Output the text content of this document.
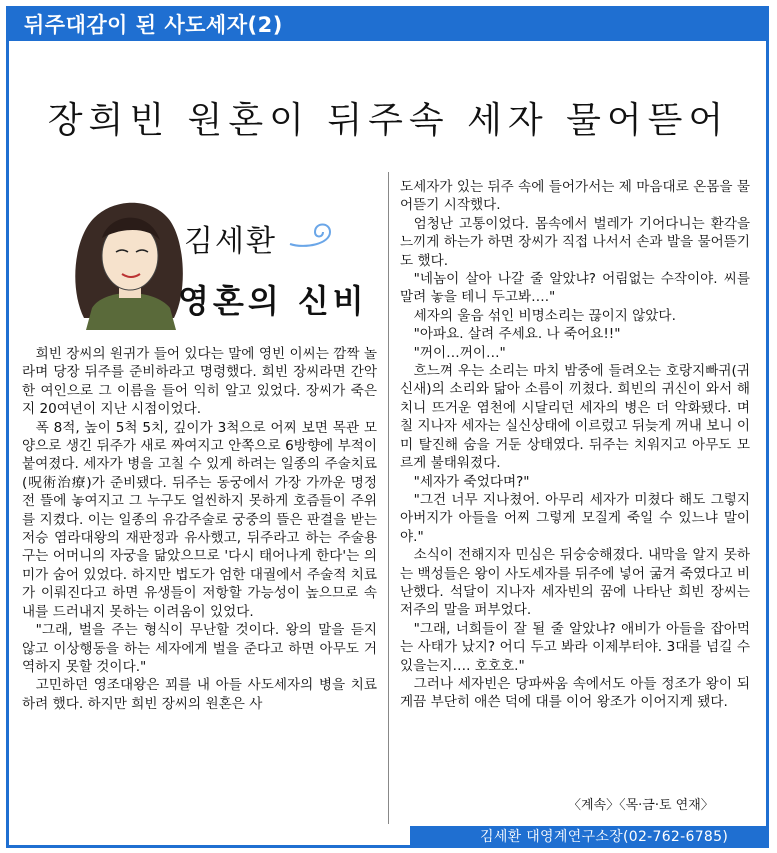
뒤주대감이 된 사도세자(2)
장희빈 원혼이 뒤주속 세자 물어뜯어
김세환
영혼의 신비

희빈 장씨의 원귀가 들어 있다는 말에 영빈 이씨는 깜짝 놀라며 당장 뒤주를 준비하라고 명령했다. 희빈 장씨라면 간악한 여인으로 그 이름을 들어 익히 알고 있었다. 장씨가 죽은 지 20여년이 지난 시점이었다.

폭 8적, 높이 5척 5치, 깊이가 3척으로 어찌 보면 목관 모양으로 생긴 뒤주가 새로 짜여지고 안쪽으로 6방향에 부적이 붙여졌다. 세자가 병을 고칠 수 있게 하려는 일종의 주술치료(呪術治療)가 준비됐다. 뒤주는 동궁에서 가장 가까운 명정전 뜰에 놓여지고 그 누구도 얼씬하지 못하게 호즘들이 주위를 지켰다. 이는 일종의 유감주술로 궁중의 뜰은 판결을 받는 저승 염라대왕의 재판정과 유사했고, 뒤주라고 하는 주술용구는 어머니의 자궁을 닮았으므로 '다시 태어나게 한다'는 의미가 숨어 있었다. 하지만 법도가 엄한 대궐에서 주술적 치료가 이뤄진다고 하면 유생들이 저항할 가능성이 높으므로 속내를 드러내지 못하는 이려움이 있었다.

"그래, 벌을 주는 형식이 무난할 것이다. 왕의 말을 듣지 않고 이상행동을 하는 세자에게 벌을 준다고 하면 아무도 거역하지 못할 것이다."

고민하던 영조대왕은 꾀를 내 아들 사도세자의 병을 치료하려 했다. 하지만 희빈 장씨의 원혼은 사

도세자가 있는 뒤주 속에 들어가서는 제 마음대로 온몸을 물어뜯기 시작했다.

엄청난 고통이었다. 몸속에서 벌레가 기어다니는 환각을 느끼게 하는가 하면 장씨가 직접 나서서 손과 발을 물어뜯기도 했다.

"네놈이 살아 나갈 줄 알았냐? 어림없는 수작이야. 씨를 말려 놓을 테니 두고봐…."

세자의 울음 섞인 비명소리는 끊이지 않았다.

"아파요. 살려 주세요. 나 죽어요!!"

"꺼이…꺼이…"

흐느껴 우는 소리는 마치 밤중에 들려오는 호랑지빠귀(귀신새)의 소리와 닮아 소름이 끼쳤다. 희빈의 귀신이 와서 해치니 뜨거운 염천에 시달리던 세자의 병은 더 악화됐다. 며칠 지나자 세자는 실신상태에 이르렀고 뒤늦게 꺼내 보니 이미 탈진해 숨을 거둔 상태였다. 뒤주는 치워지고 아무도 모르게 불태워졌다.

"세자가 죽었다며?"

"그건 너무 지나쳤어. 아무리 세자가 미쳤다 해도 그렇지 아버지가 아들을 어찌 그렇게 모질게 죽일 수 있느냐 말이야."

소식이 전해지자 민심은 뒤숭숭해졌다. 내막을 알지 못하는 백성들은 왕이 사도세자를 뒤주에 넣어 굶겨 죽였다고 비난했다. 석달이 지나자 세자빈의 꿈에 나타난 희빈 장씨는 저주의 말을 퍼부었다.

"그래, 너희들이 잘 될 줄 알았냐? 애비가 아들을 잡아먹는 사태가 났지? 어디 두고 봐라 이제부터야. 3대를 넘길 수 있을는지…. 호호호."

그러나 세자빈은 당파싸움 속에서도 아들 정조가 왕이 되게끔 부단히 애쓴 덕에 대를 이어 왕조가 이어지게 됐다.

〈계속〉〈목·금·토 연재〉
김세환 대영계연구소장(02-762-6785)
